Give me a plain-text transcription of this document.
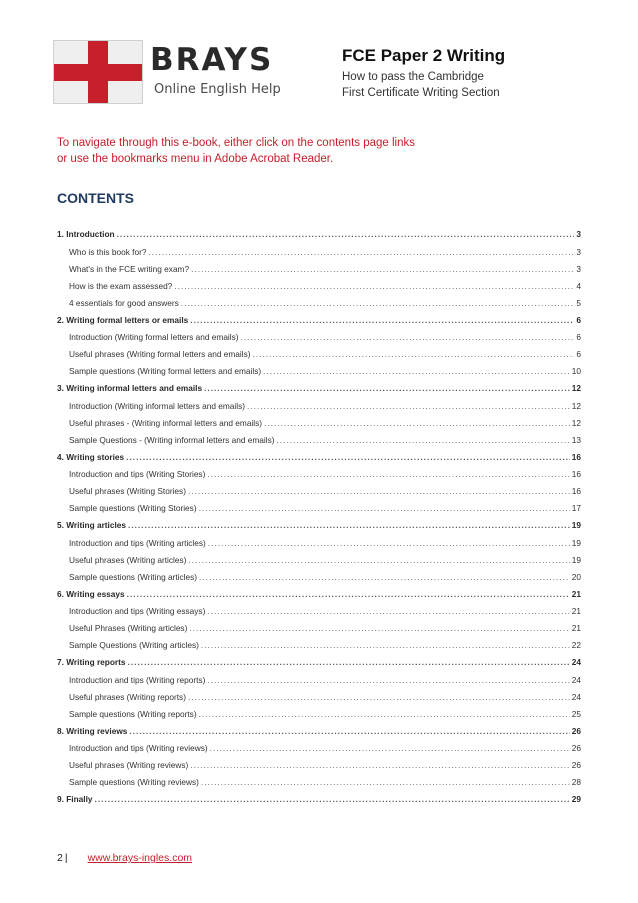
BRAYS
Online English Help
FCE Paper 2 Writing
How to pass the Cambridge
First Certificate Writing Section
To navigate through this e-book, either click on the contents page links
or use the bookmarks menu in Adobe Acrobat Reader.
CONTENTS
1. Introduction .....	3
Who is this book for? .....	3
What's in the FCE writing exam? .....	3
How is the exam assessed? .....	4
4 essentials for good answers .....	5
2. Writing formal letters or emails .....	6
Introduction (Writing formal letters and emails) .....	6
Useful phrases (Writing formal letters and emails) .....	6
Sample questions (Writing formal letters and emails) .....	10
3. Writing informal letters and emails .....	12
Introduction (Writing informal letters and emails) .....	12
Useful phrases - (Writing informal letters and emails) .....	12
Sample Questions - (Writing informal letters and emails) .....	13
4. Writing stories .....	16
Introduction and tips (Writing Stories) .....	16
Useful phrases (Writing Stories) .....	16
Sample questions (Writing Stories) .....	17
5. Writing articles .....	19
Introduction and tips (Writing articles) .....	19
Useful phrases (Writing articles) .....	19
Sample questions (Writing articles) .....	20
6. Writing essays .....	21
Introduction and tips (Writing essays) .....	21
Useful Phrases (Writing articles) .....	21
Sample Questions (Writing articles) .....	22
7. Writing reports .....	24
Introduction and tips (Writing reports) .....	24
Useful phrases (Writing reports) .....	24
Sample questions (Writing reports) .....	25
8. Writing reviews .....	26
Introduction and tips (Writing reviews) .....	26
Useful phrases (Writing reviews) .....	26
Sample questions (Writing reviews) .....	28
9. Finally .....	29
2 | www.brays-ingles.com
